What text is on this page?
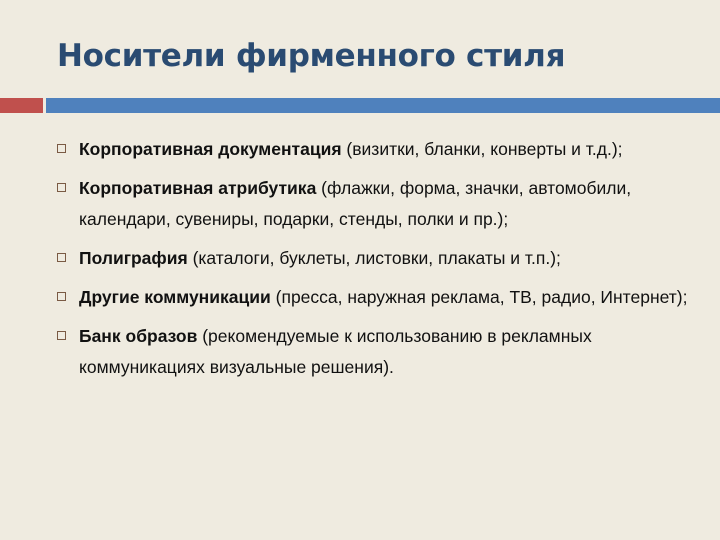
Носители фирменного стиля
Корпоративная документация (визитки, бланки, конверты и т.д.);
Корпоративная атрибутика (флажки, форма, значки, автомобили,    календари, сувениры, подарки, стенды, полки и пр.);
Полиграфия (каталоги, буклеты, листовки, плакаты и т.п.);
Другие коммуникации (пресса, наружная реклама, ТВ, радио, Интернет);
Банк образов (рекомендуемые к использованию в рекламных коммуникациях визуальные решения).
